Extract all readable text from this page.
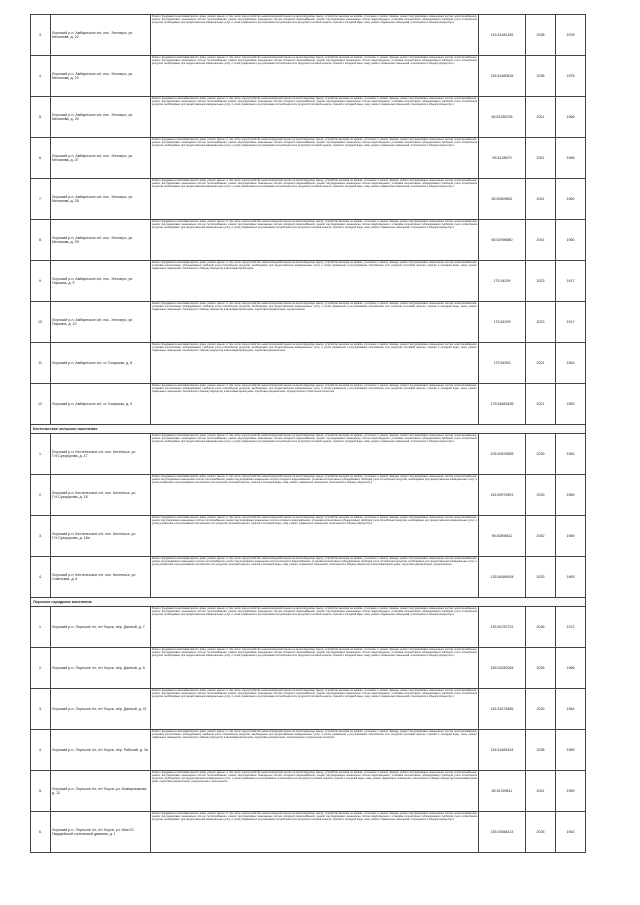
3.	Лоухский р-н, Амбарнское с/п, пос. Энгозеро, ул. Механова, д. 22	Ремонт фундамента многоквартирного дома, ремонт крыши, в том числе переустройство невентилируемой крыши на вентилируемую крышу, устройство выходов на кровлю, утепление и ремонт фасада, ремонт внутридомовых инженерных систем электроснабжения, ремонт внутридомовых инженерных систем теплоснабжения, ремонт внутридомовых инженерных систем холодного водоснабжения, ремонт внутридомовых инженерных систем водоотведения, установка коллективных (общедомовых) приборов учета потребления ресурсов, необходимых для предоставления коммунальных услуг, и узлов управления и регулирования потребления этих ресурсов (тепловой энергии, горячей и холодной воды, газа), ремонт подвальных помещений, относящихся к общему имуществу в	115.51481169	2038	1978
4.	Лоухский р-н, Амбарнское с/п, пос. Энгозеро, ул. Механова, д. 23	Ремонт фундамента многоквартирного дома, ремонт крыши, в том числе переустройство невентилируемой крыши на вентилируемую крышу, устройство выходов на кровлю, утепление и ремонт фасада, ремонт внутридомовых инженерных систем электроснабжения, ремонт внутридомовых инженерных систем теплоснабжения, ремонт внутридомовых инженерных систем холодного водоснабжения, ремонт внутридомовых инженерных систем водоотведения, установка коллективных (общедомовых) приборов учета потребления ресурсов, необходимых для предоставления коммунальных услуг, и узлов управления и регулирования потребления этих ресурсов (тепловой энергии, горячей и холодной воды, газа), ремонт подвальных помещений, относящихся к общему имуществу в	115.51480815	2038	1978
5.	Лоухский р-н, Амбарнское с/п, пос. Энгозеро, ул. Механова, д. 26	Ремонт фундамента многоквартирного дома, ремонт крыши, в том числе переустройство невентилируемой крыши на вентилируемую крышу, устройство выходов на кровлю, утепление и ремонт фасада, ремонт внутридомовых инженерных систем электроснабжения, ремонт внутридомовых инженерных систем теплоснабжения, ремонт внутридомовых инженерных систем холодного водоснабжения, ремонт внутридомовых инженерных систем водоотведения, установка коллективных (общедомовых) приборов учета потребления ресурсов, необходимых для предоставления коммунальных услуг, и узлов управления и регулирования потребления этих ресурсов (тепловой энергии, горячей и холодной воды, газа), ремонт подвальных помещений, относящихся к общему имуществу в	65.51286755	2041	1966
6.	Лоухский р-н, Амбарнское с/п, пос. Энгозеро, ул. Механова, д. 27	Ремонт фундамента многоквартирного дома, ремонт крыши, в том числе переустройство невентилируемой крыши на вентилируемую крышу, устройство выходов на кровлю, утепление и ремонт фасада, ремонт внутридомовых инженерных систем электроснабжения, ремонт внутридомовых инженерных систем теплоснабжения, ремонт внутридомовых инженерных систем холодного водоснабжения, ремонт внутридомовых инженерных систем водоотведения, установка коллективных (общедомовых) приборов учета потребления ресурсов, необходимых для предоставления коммунальных услуг, и узлов управления и регулирования потребления этих ресурсов (тепловой энергии, горячей и холодной воды, газа), ремонт подвальных помещений, относящихся к общему имуществу в	65.5128679	2041	1966
7.	Лоухский р-н, Амбарнское с/п, пос. Энгозеро, ул. Механова, д. 28	Ремонт фундамента многоквартирного дома, ремонт крыши, в том числе переустройство невентилируемой крыши на вентилируемую крышу, устройство выходов на кровлю, утепление и ремонт фасада, ремонт внутридомовых инженерных систем электроснабжения, ремонт внутридомовых инженерных систем теплоснабжения, ремонт внутридомовых инженерных систем холодного водоснабжения, ремонт внутридомовых инженерных систем водоотведения, установка коллективных (общедомовых) приборов учета потребления ресурсов, необходимых для предоставления коммунальных услуг, и узлов управления и регулирования потребления этих ресурсов (тепловой энергии, горячей и холодной воды, газа), ремонт подвальных помещений, относящихся к общему имуществу в	65.52899661	2041	1960
8.	Лоухский р-н, Амбарнское с/п, пос. Энгозеро, ул. Механова, д. 29	Ремонт фундамента многоквартирного дома, ремонт крыши, в том числе переустройство невентилируемой крыши на вентилируемую крышу, устройство выходов на кровлю, утепление и ремонт фасада, ремонт внутридомовых инженерных систем электроснабжения, ремонт внутридомовых инженерных систем теплоснабжения, ремонт внутридомовых инженерных систем холодного водоснабжения, ремонт внутридомовых инженерных систем водоотведения, установка коллективных (общедомовых) приборов учета потребления ресурсов, необходимых для предоставления коммунальных услуг, и узлов управления и регулирования потребления этих ресурсов (тепловой энергии, горячей и холодной воды, газа), ремонт подвальных помещений, относящихся к общему имуществу в	65.52998880	2041	1960
9.	Лоухский р-н, Амбарнское с/п, пос. Энгозеро, ул. Пирьяна, д. 9	Ремонт фундамента многоквартирного дома, ремонт крыши, в том числе переустройство невентилируемой крыши на вентилируемую крышу, устройство выходов на кровлю, утепление и ремонт фасада, ремонт внутридомовых инженерных систем электроснабжения, установка коллективных (общедомовых) приборов учета потребления ресурсов, необходимых для предоставления коммунальных услуг, и узлов управления и регулирования потребления этих ресурсов (тепловой энергии, горячей и холодной воды, газа), ремонт подвальных помещений, относящихся к общему имуществу в многоквартирном доме	175.54299	2023	1917
10.	Лоухский р-н, Амбарнское с/п, пос. Энгозеро, ул. Пирьяна, д. 10	Ремонт фундамента многоквартирного дома, ремонт крыши, в том числе переустройство невентилируемой крыши на вентилируемую крышу, устройство выходов на кровлю, утепление и ремонт фасада, ремонт внутридомовых инженерных систем электроснабжения, установка коллективных (общедомовых) приборов учета потребления ресурсов, необходимых для предоставления коммунальных услуг, и узлов управления и регулирования потребления этих ресурсов (тепловой энергии, горячей и холодной воды, газа), ремонт подвальных помещений, относящихся к общему имуществу в многоквартирном доме, подготовка документации, осуществление	175.54299	2023	1917
11.	Лоухский р-н, Амбарнское с/п, ст. Боярская, д. 8	Ремонт фундамента многоквартирного дома, ремонт крыши, в том числе переустройство невентилируемой крыши на вентилируемую крышу, устройство выходов на кровлю, утепление и ремонт фасада, ремонт внутридомовых инженерных систем электроснабжения, установка коллективных (общедомовых) приборов учета потребления ресурсов, необходимых для предоставления коммунальных услуг, и узлов управления и регулирования потребления этих ресурсов (тепловой энергии, горячей и холодной воды, газа), ремонт подвальных помещений, относящихся к общему имуществу в многоквартирном доме, подготовка документации	175.54953	2021	1963
12.	Лоухский р-н, Амбарнское с/п, ст. Боярская, д. 9	Ремонт фундамента многоквартирного дома, ремонт крыши, в том числе переустройство невентилируемой крыши на вентилируемую крышу, устройство выходов на кровлю, утепление и ремонт фасада, ремонт внутридомовых инженерных систем электроснабжения, установка коллективных (общедомовых) приборов учета потребления ресурсов, необходимых для предоставления коммунальных услуг, и узлов управления и регулирования потребления этих ресурсов (тепловой энергии, горячей и холодной воды, газа), ремонт подвальных помещений, относящихся к общему имуществу в многоквартирном доме, подготовка документации, осуществление строительного контроля	175.54683495	2021	1963
Кестеньгское сельское поселение					
1.	Лоухский р-н, Кестеньгское с/п, пос. Кестеньга, ул. Г.Н.Сухорукова, д. 17	Ремонт фундамента многоквартирного дома, ремонт крыши, в том числе переустройство невентилируемой крыши на вентилируемую крышу, устройство выходов на кровлю, утепление и ремонт фасада, ремонт внутридомовых инженерных систем электроснабжения, ремонт внутридомовых инженерных систем теплоснабжения, ремонт внутридомовых инженерных систем холодного водоснабжения, ремонт внутридомовых инженерных систем водоотведения, установка коллективных (общедомовых) приборов учета потребления ресурсов, необходимых для предоставления коммунальных услуг, и узлов управления и регулирования потребления этих ресурсов (тепловой энергии, горячей и холодной воды, газа), ремонт подвальных помещений, относящихся к общему имуществу в	105.50876655	2039	1982
2.	Лоухский р-н, Кестеньгское с/п, пос. Кестеньга, ул. Г.Н.Сухорукова, д. 18	Ремонт фундамента многоквартирного дома, ремонт крыши, в том числе переустройство невентилируемой крыши на вентилируемую крышу, устройство выходов на кровлю, утепление и ремонт фасада, ремонт внутридомовых инженерных систем электроснабжения, ремонт внутридомовых инженерных систем теплоснабжения, ремонт внутридомовых инженерных систем холодного водоснабжения, установка коллективных (общедомовых) приборов учета потребления ресурсов, необходимых для предоставления коммунальных услуг, и узлов управления и регулирования потребления этих ресурсов (тепловой энергии, горячей и холодной воды, газа), ремонт подвальных помещений, относящихся к общему имуществу в	115.50972691	2039	1989
3.	Лоухский р-н, Кестеньгское с/п, пос. Кестеньга, ул. Г.Н.Сухорукова, д. 18а	Ремонт фундамента многоквартирного дома, ремонт крыши, в том числе переустройство невентилируемой крыши на вентилируемую крышу, устройство выходов на кровлю, утепление и ремонт фасада, ремонт внутридомовых инженерных систем электроснабжения, ремонт внутридомовых инженерных систем теплоснабжения, ремонт внутридомовых инженерных систем холодного водоснабжения, установка коллективных (общедомовых) приборов учета потребления ресурсов, необходимых для предоставления коммунальных услуг, и узлов управления и регулирования потребления этих ресурсов (тепловой энергии, горячей и холодной воды, газа), ремонт подвальных помещений, относящихся к общему имуществу в	95.50898611	2042	1989
4.	Лоухский р-н, Кестеньгское с/п, пос. Кестеньга, ул. Советская, д. 6	Ремонт фундамента многоквартирного дома, ремонт крыши, в том числе переустройство невентилируемой крыши на вентилируемую крышу, устройство выходов на кровлю, утепление и ремонт фасада, ремонт внутридомовых инженерных систем электроснабжения, ремонт внутридомовых инженерных систем теплоснабжения, ремонт внутридомовых инженерных систем холодного водоснабжения, установка коллективных (общедомовых) приборов учета потребления ресурсов, необходимых для предоставления коммунальных услуг, и узлов управления и регулирования потребления этих ресурсов (тепловой энергии, горячей и холодной воды, газа), ремонт подвальных помещений, относящихся к общему имуществу в многоквартирном доме, подготовка документации, осуществление	135.54589934	2033	1963
Лоухское городское поселение					
1.	Лоухский р-н, Лоухское г/п, пгт Лоухи, пер. Данный, д. 7	Ремонт фундамента многоквартирного дома, ремонт крыши, в том числе переустройство невентилируемой крыши на вентилируемую крышу, устройство выходов на кровлю, утепление и ремонт фасада, ремонт внутридомовых инженерных систем электроснабжения, ремонт внутридомовых инженерных систем теплоснабжения, ремонт внутридомовых инженерных систем холодного водоснабжения, ремонт внутридомовых инженерных систем водоотведения, установка коллективных (общедомовых) приборов учета потребления ресурсов, необходимых для предоставления коммунальных услуг, и узлов управления и регулирования потребления этих ресурсов (тепловой энергии, горячей и холодной воды, газа), ремонт подвальных помещений, относящихся к общему имуществу в	135.52787231	2036	1972
2.	Лоухский р-н, Лоухское г/п, пгт Лоухи, пер. Данный, д. 8	Ремонт фундамента многоквартирного дома, ремонт крыши, в том числе переустройство невентилируемой крыши на вентилируемую крышу, устройство выходов на кровлю, утепление и ремонт фасада, ремонт внутридомовых инженерных систем электроснабжения, ремонт внутридомовых инженерных систем теплоснабжения, ремонт внутридомовых инженерных систем холодного водоснабжения, ремонт внутридомовых инженерных систем водоотведения, установка коллективных (общедомовых) приборов учета потребления ресурсов, необходимых для предоставления коммунальных услуг, и узлов управления и регулирования потребления этих ресурсов (тепловой энергии, горячей и холодной воды, газа), ремонт подвальных помещений, относящихся к общему имуществу в	155.53282064	2026	1966
3.	Лоухский р-н, Лоухское г/п, пгт Лоухи, пер. Данный, д. 21	Ремонт фундамента многоквартирного дома, ремонт крыши, в том числе переустройство невентилируемой крыши на вентилируемую крышу, устройство выходов на кровлю, утепление и ремонт фасада, ремонт внутридомовых инженерных систем электроснабжения, ремонт внутридомовых инженерных систем теплоснабжения, ремонт внутридомовых инженерных систем холодного водоснабжения, ремонт внутридомовых инженерных систем водоотведения, установка коллективных (общедомовых) приборов учета потребления ресурсов, необходимых для предоставления коммунальных услуг, и узлов управления и регулирования потребления этих ресурсов (тепловой энергии, горячей и холодной воды, газа), ремонт подвальных помещений, относящихся к общему имуществу в	115.51674665	2039	1984
4.	Лоухский р-н, Лоухское г/п, пгт Лоухи, пер. Рабочий, д. 3а	Ремонт фундамента многоквартирного дома, ремонт крыши, в том числе переустройство невентилируемой крыши на вентилируемую крышу, устройство выходов на кровлю, утепление и ремонт фасада, ремонт внутридомовых инженерных систем электроснабжения, установка коллективных (общедомовых) приборов учета потребления ресурсов, необходимых для предоставления коммунальных услуг, и узлов управления и регулирования потребления этих ресурсов (тепловой энергии, горячей и холодной воды, газа), ремонт подвальных помещений, относящихся к общему имуществу в многоквартирном доме, подготовка документации, осуществление строительного контроля	115.51669434	2038	1989
5.	Лоухский р-н, Лоухское г/п, пгт Лоухи, ул. Коммунальная, д. 12	Ремонт фундамента многоквартирного дома, ремонт крыши, в том числе переустройство невентилируемой крыши на вентилируемую крышу, устройство выходов на кровлю, утепление и ремонт фасада, ремонт внутридомовых инженерных систем электроснабжения, ремонт внутридомовых инженерных систем теплоснабжения, ремонт внутридомовых инженерных систем холодного водоснабжения, ремонт внутридомовых инженерных систем водоотведения, установка коллективных (общедомовых) приборов учета потребления ресурсов, необходимых для предоставления коммунальных услуг, и узлов управления и регулирования потребления этих ресурсов (тепловой энергии, горячей и холодной воды, газа), ремонт подвальных помещений, относящихся к общему имуществу в многоквартирном доме, подготовка документации, осуществление строительного	85.51399611	2041	1959
6.	Лоухский р-н, Лоухское г/п, пгт Лоухи, ул. Мая 23 Гвардейской стрелковой дивизии, д. 1	Ремонт фундамента многоквартирного дома, ремонт крыши, в том числе переустройство невентилируемой крыши на вентилируемую крышу, устройство выходов на кровлю, утепление и ремонт фасада, ремонт внутридомовых инженерных систем электроснабжения, ремонт внутридомовых инженерных систем теплоснабжения, ремонт внутридомовых инженерных систем холодного водоснабжения, ремонт внутридомовых инженерных систем водоотведения, установка коллективных (общедомовых) приборов учета потребления ресурсов, необходимых для предоставления коммунальных услуг, и узлов управления и регулирования потребления этих ресурсов (тепловой энергии, горячей и холодной воды, газа), ремонт подвальных помещений, относящихся к общему имуществу в	155.53568113	2026	1962
